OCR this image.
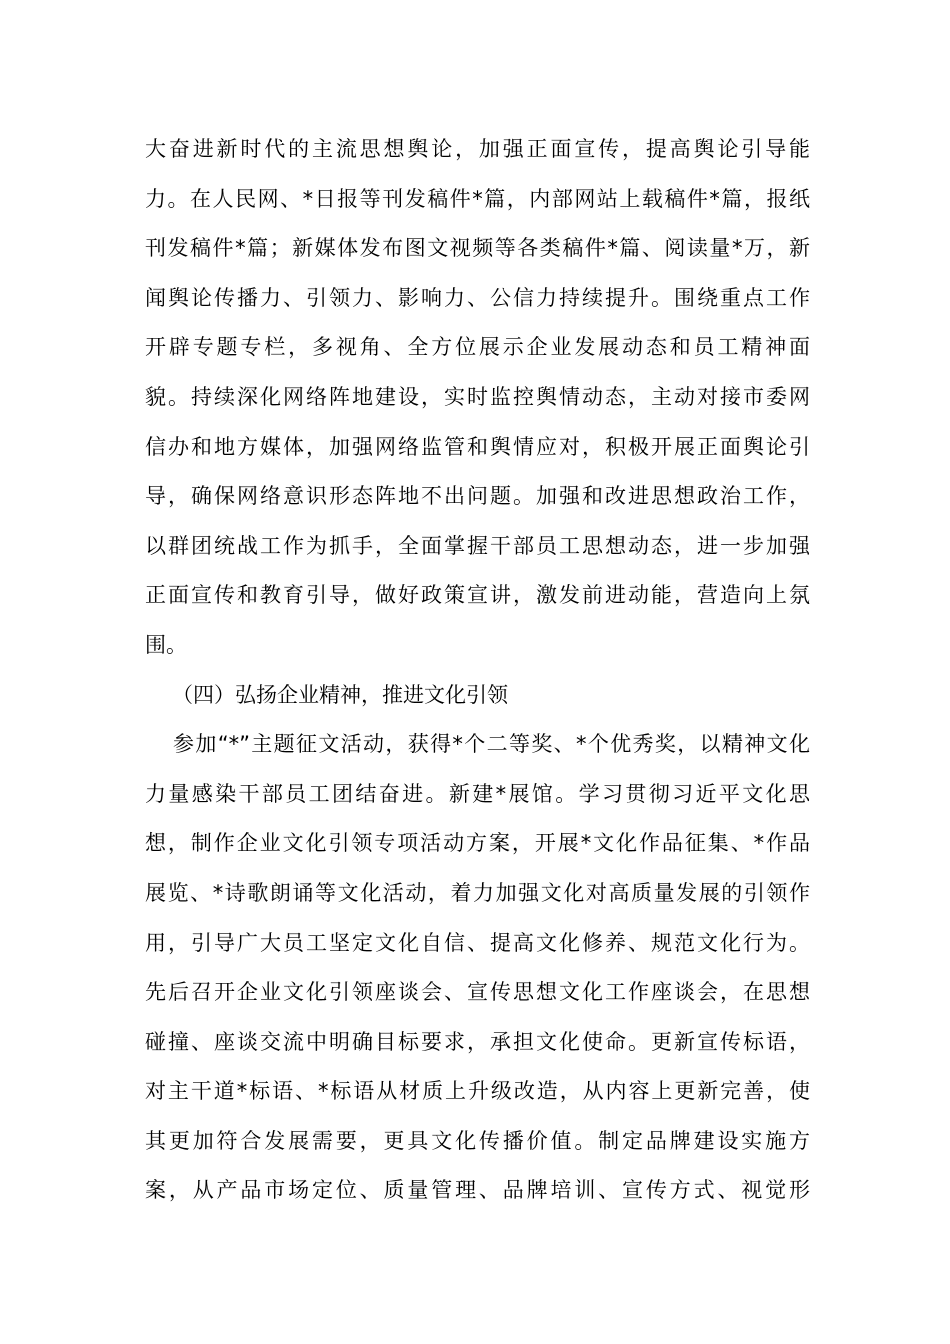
大奋进新时代的主流思想舆论，加强正面宣传，提高舆论引导能
力。在人民网、*日报等刊发稿件*篇，内部网站上载稿件*篇，报纸
刊发稿件*篇；新媒体发布图文视频等各类稿件*篇、阅读量*万，新
闻舆论传播力、引领力、影响力、公信力持续提升。围绕重点工作
开辟专题专栏，多视角、全方位展示企业发展动态和员工精神面
貌。持续深化网络阵地建设，实时监控舆情动态，主动对接市委网
信办和地方媒体，加强网络监管和舆情应对，积极开展正面舆论引
导，确保网络意识形态阵地不出问题。加强和改进思想政治工作，
以群团统战工作为抓手，全面掌握干部员工思想动态，进一步加强
正面宣传和教育引导，做好政策宣讲，激发前进动能，营造向上氛
围。
（四）弘扬企业精神，推进文化引领
参加“*”主题征文活动，获得*个二等奖、*个优秀奖，以精神文化
力量感染干部员工团结奋进。新建*展馆。学习贯彻习近平文化思
想，制作企业文化引领专项活动方案，开展*文化作品征集、*作品
展览、*诗歌朗诵等文化活动，着力加强文化对高质量发展的引领作
用，引导广大员工坚定文化自信、提高文化修养、规范文化行为。
先后召开企业文化引领座谈会、宣传思想文化工作座谈会，在思想
碰撞、座谈交流中明确目标要求，承担文化使命。更新宣传标语，
对主干道*标语、*标语从材质上升级改造，从内容上更新完善，使
其更加符合发展需要，更具文化传播价值。制定品牌建设实施方
案，从产品市场定位、质量管理、品牌培训、宣传方式、视觉形
